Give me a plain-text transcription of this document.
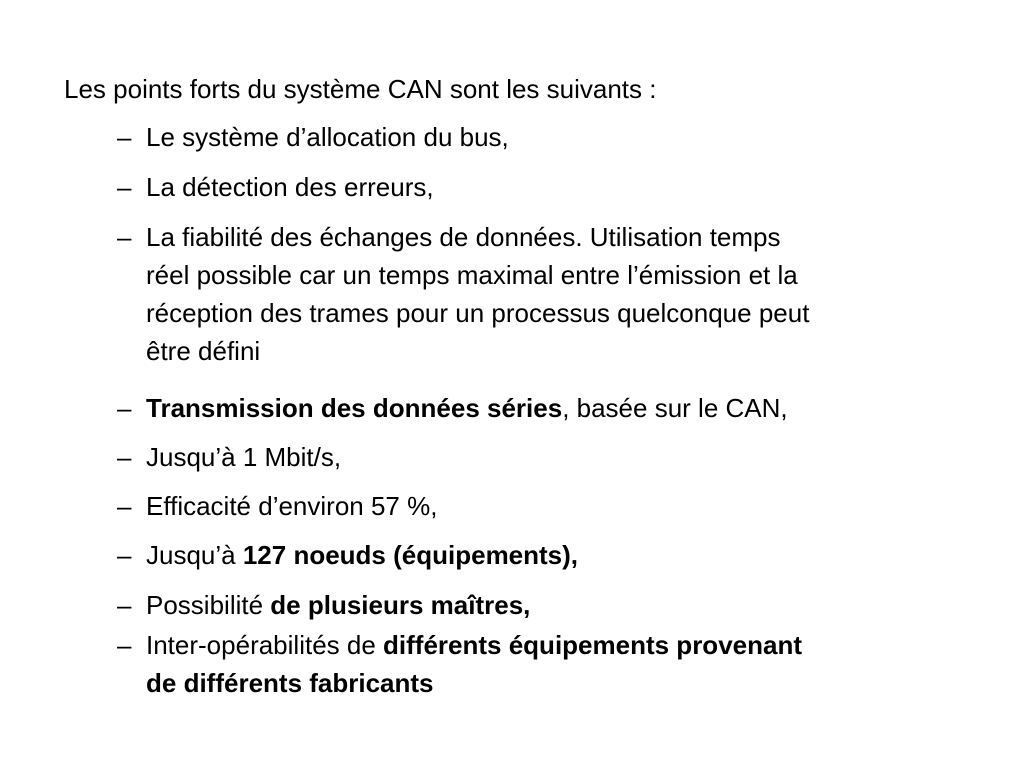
Les points forts du système CAN sont les suivants :
– Le système d’allocation du bus,
– La détection des erreurs,
– La fiabilité des échanges de données. Utilisation temps
réel possible car un temps maximal entre l’émission et la
réception des trames pour un processus quelconque peut
être défini
– Transmission des données séries, basée sur le CAN,
– Jusqu’à 1 Mbit/s,
– Efficacité d’environ 57 %,
– Jusqu’à 127 noeuds (équipements),
– Possibilité de plusieurs maîtres,
– Inter-opérabilités de différents équipements provenant
de différents fabricants
